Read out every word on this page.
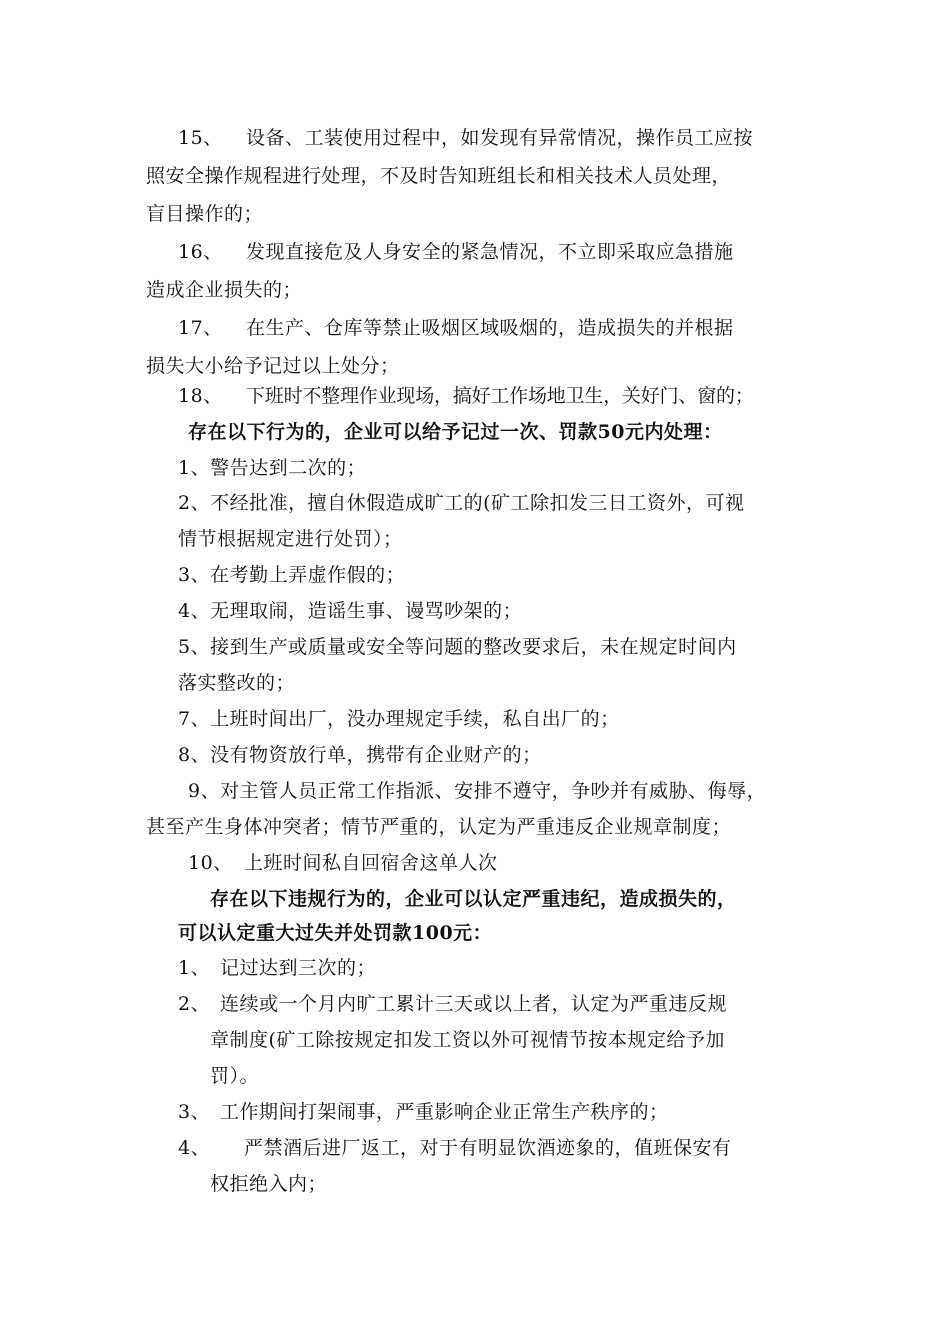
15、 设备、工装使用过程中，如发现有异常情况，操作员工应按
照安全操作规程进行处理，不及时告知班组长和相关技术人员处理，
盲目操作的；
16、 发现直接危及人身安全的紧急情况，不立即采取应急措施
造成企业损失的；
17、 在生产、仓库等禁止吸烟区域吸烟的，造成损失的并根据
损失大小给予记过以上处分；
18、 下班时不整理作业现场，搞好工作场地卫生，关好门、窗的；
存在以下行为的，企业可以给予记过一次、罚款50元内处理：
1、警告达到二次的；
2、不经批准，擅自休假造成旷工的(矿工除扣发三日工资外，可视
情节根据规定进行处罚）；
3、在考勤上弄虚作假的；
4、无理取闹，造谣生事、谩骂吵架的；
5、接到生产或质量或安全等问题的整改要求后，未在规定时间内
落实整改的；
7、上班时间出厂，没办理规定手续，私自出厂的；
8、没有物资放行单，携带有企业财产的；
9、对主管人员正常工作指派、安排不遵守，争吵并有威胁、侮辱，
甚至产生身体冲突者；情节严重的，认定为严重违反企业规章制度；
10、 上班时间私自回宿舍这单人次
存在以下违规行为的，企业可以认定严重违纪，造成损失的，
可以认定重大过失并处罚款100元：
1、 记过达到三次的；
2、 连续或一个月内旷工累计三天或以上者，认定为严重违反规
章制度(矿工除按规定扣发工资以外可视情节按本规定给予加
罚）。
3、 工作期间打架闹事，严重影响企业正常生产秩序的；
4、 严禁酒后进厂返工，对于有明显饮酒迹象的，值班保安有
权拒绝入内；
